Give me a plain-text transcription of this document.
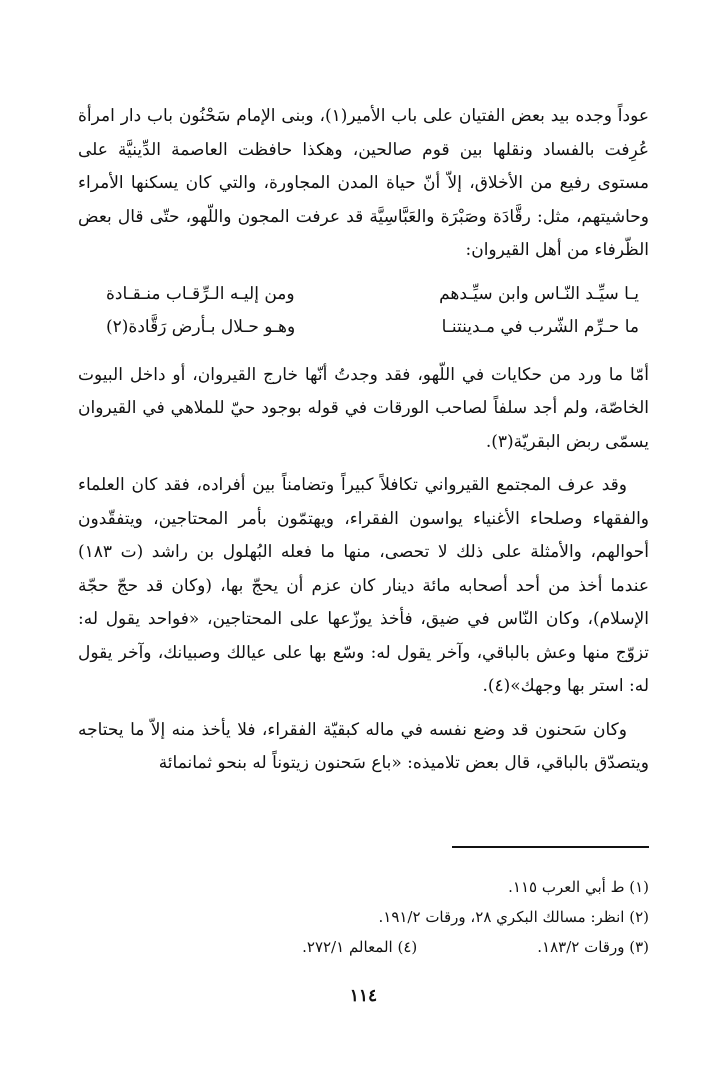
عوداً وجده بيد بعض الفتيان على باب الأمير(١)، وبنى الإمام سَحْنُون باب دار امرأة عُرِفت بالفساد ونقلها بين قوم صالحين، وهكذا حافظت العاصمة الدِّينيَّة على مستوى رفيع من الأخلاق، إلاّ أنّ حياة المدن المجاورة، والتي كان يسكنها الأمراء وحاشيتهم، مثل: رقَّادَة وصَبْرَة والعَبَّاسِيَّة قد عرفت المجون واللّهو، حتّى قال بعض الظّرفاء من أهل القيروان:

يـا سيِّـد النّـاس وابن سيِّـدهم
ومن إليـه الـرِّقـاب منـقـادة
ما حـرِّم الشّرب في مـدينتنـا
وهـو حـلال بـأرض رَقَّادة(٢)

أمّا ما ورد من حكايات في اللّهو، فقد وجدتُ أنّها خارج القيروان، أو داخل البيوت الخاصّة، ولم أجد سلفاً لصاحب الورقات في قوله بوجود حيّ للملاهي في القيروان يسمّى ربض البقريّة(٣).

وقد عرف المجتمع القيرواني تكافلاً كبيراً وتضامناً بين أفراده، فقد كان العلماء والفقهاء وصلحاء الأغنياء يواسون الفقراء، ويهتمّون بأمر المحتاجين، ويتفقّدون أحوالهم، والأمثلة على ذلك لا تحصى، منها ما فعله البُهلول بن راشد (ت ١٨٣) عندما أخذ من أحد أصحابه مائة دينار كان عزم أن يحجّ بها، (وكان قد حجّ حجّة الإسلام)، وكان النّاس في ضيق، فأخذ يوزّعها على المحتاجين، «فواحد يقول له: تزوّج منها وعش بالباقي، وآخر يقول له: وسّع بها على عيالك وصبيانك، وآخر يقول له: استر بها وجهك»(٤).

وكان سَحنون قد وضع نفسه في ماله كبقيّة الفقراء، فلا يأخذ منه إلاّ ما يحتاجه ويتصدّق بالباقي، قال بعض تلاميذه: «باع سَحنون زيتوناً له بنحو ثمانمائة

(١) ط أبي العرب ١١٥.
(٢) انظر: مسالك البكري ٢٨، ورقات ١٩١/٢.
(٣) ورقات ١٨٣/٢.
(٤) المعالم ٢٧٢/١.
١١٤
